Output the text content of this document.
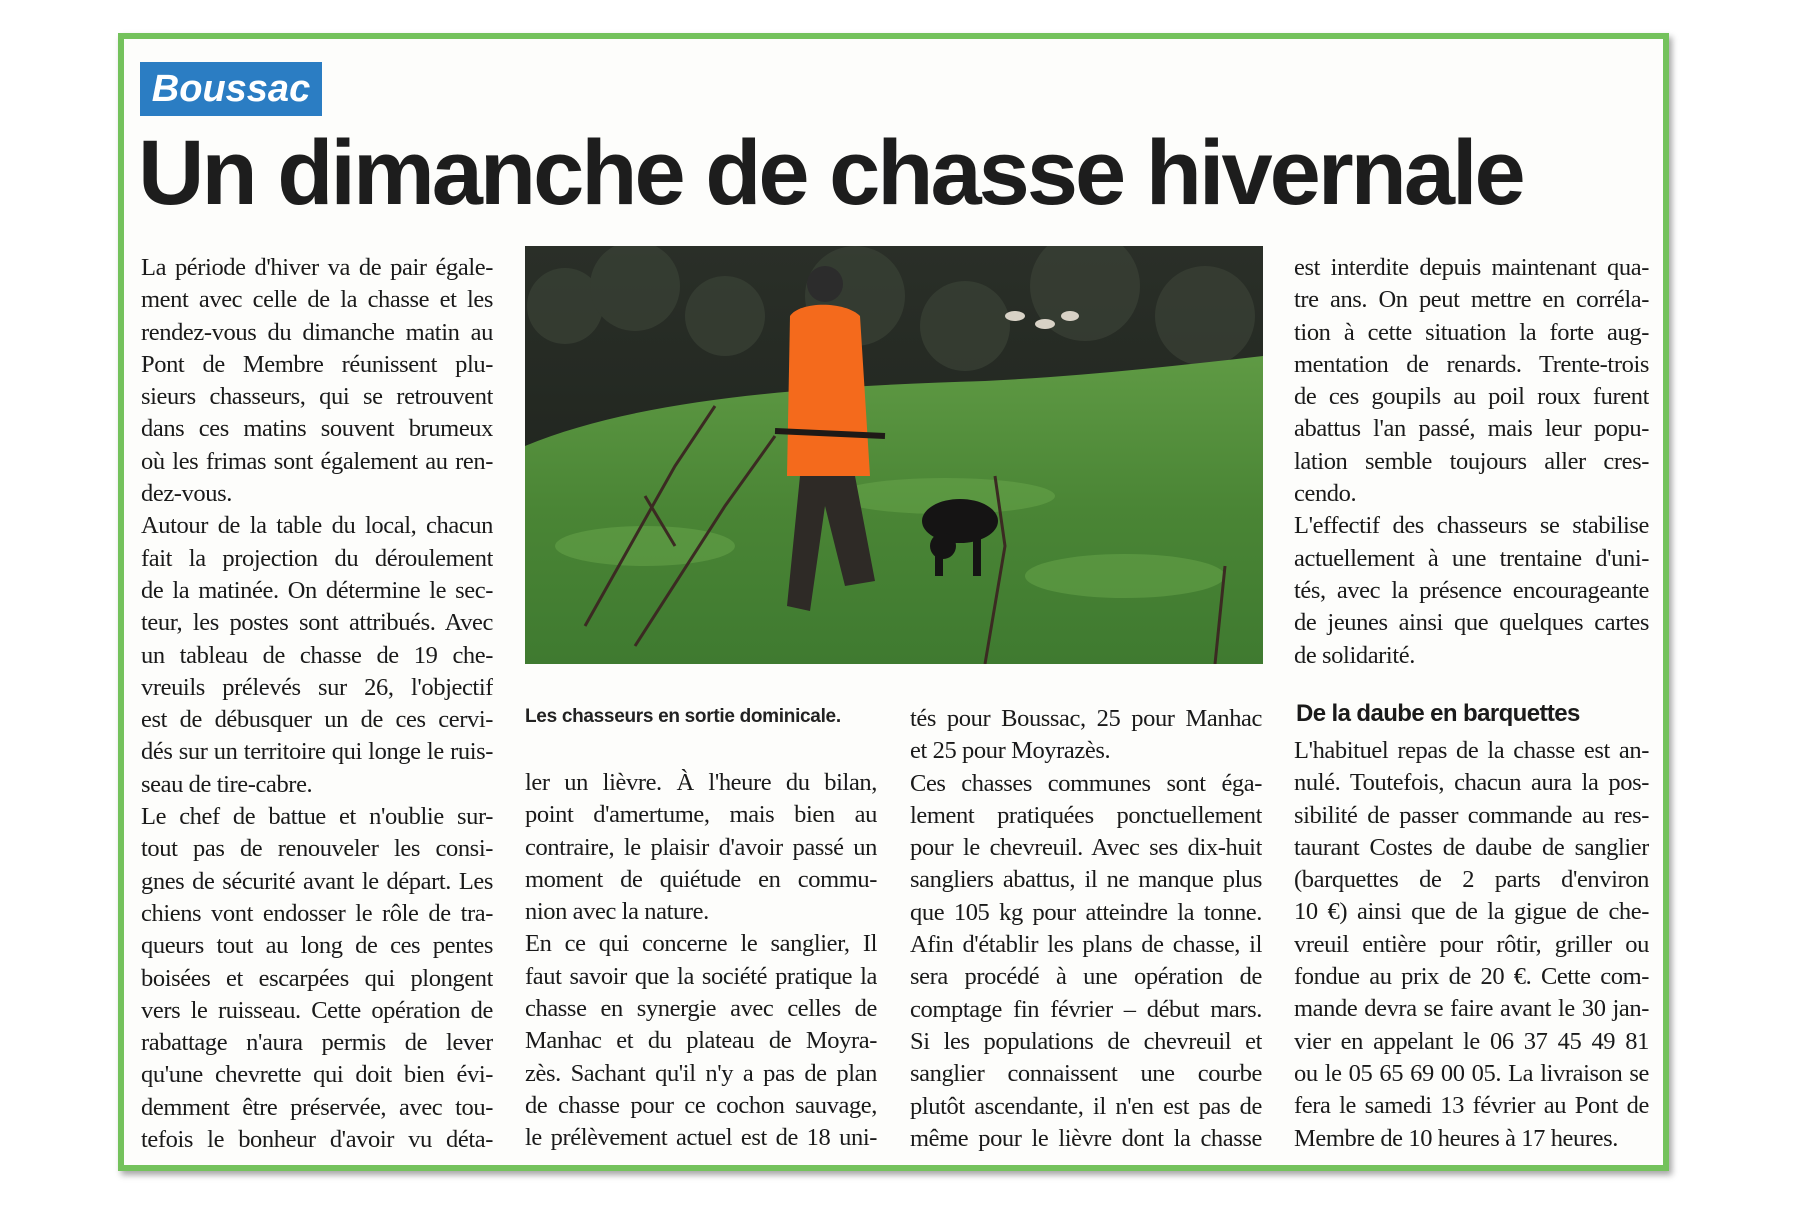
Boussac
Un dimanche de chasse hivernale
Les chasseurs en sortie dominicale.
La période d'hiver va de pair égale-
ment avec celle de la chasse et les
rendez-vous du dimanche matin au
Pont de Membre réunissent plu-
sieurs chasseurs, qui se retrouvent
dans ces matins souvent brumeux
où les frimas sont également au ren-
dez-vous.
Autour de la table du local, chacun
fait la projection du déroulement
de la matinée. On détermine le sec-
teur, les postes sont attribués. Avec
un tableau de chasse de 19 che-
vreuils prélevés sur 26, l'objectif
est de débusquer un de ces cervi-
dés sur un territoire qui longe le ruis-
seau de tire-cabre.
Le chef de battue et n'oublie sur-
tout pas de renouveler les consi-
gnes de sécurité avant le départ. Les
chiens vont endosser le rôle de tra-
queurs tout au long de ces pentes
boisées et escarpées qui plongent
vers le ruisseau. Cette opération de
rabattage n'aura permis de lever
qu'une chevrette qui doit bien évi-
demment être préservée, avec tou-
tefois le bonheur d'avoir vu déta-
ler un lièvre. À l'heure du bilan,
point d'amertume, mais bien au
contraire, le plaisir d'avoir passé un
moment de quiétude en commu-
nion avec la nature.
En ce qui concerne le sanglier, Il
faut savoir que la société pratique la
chasse en synergie avec celles de
Manhac et du plateau de Moyra-
zès. Sachant qu'il n'y a pas de plan
de chasse pour ce cochon sauvage,
le prélèvement actuel est de 18 uni-
tés pour Boussac, 25 pour Manhac
et 25 pour Moyrazès.
Ces chasses communes sont éga-
lement pratiquées ponctuellement
pour le chevreuil. Avec ses dix-huit
sangliers abattus, il ne manque plus
que 105 kg pour atteindre la tonne.
Afin d'établir les plans de chasse, il
sera procédé à une opération de
comptage fin février – début mars.
Si les populations de chevreuil et
sanglier connaissent une courbe
plutôt ascendante, il n'en est pas de
même pour le lièvre dont la chasse
est interdite depuis maintenant qua-
tre ans. On peut mettre en corréla-
tion à cette situation la forte aug-
mentation de renards. Trente-trois
de ces goupils au poil roux furent
abattus l'an passé, mais leur popu-
lation semble toujours aller cres-
cendo.
L'effectif des chasseurs se stabilise
actuellement à une trentaine d'uni-
tés, avec la présence encourageante
de jeunes ainsi que quelques cartes
de solidarité.
De la daube en barquettes
L'habituel repas de la chasse est an-
nulé. Toutefois, chacun aura la pos-
sibilité de passer commande au res-
taurant Costes de daube de sanglier
(barquettes de 2 parts d'environ
10 €) ainsi que de la gigue de che-
vreuil entière pour rôtir, griller ou
fondue au prix de 20 €. Cette com-
mande devra se faire avant le 30 jan-
vier en appelant le 06 37 45 49 81
ou le 05 65 69 00 05. La livraison se
fera le samedi 13 février au Pont de
Membre de 10 heures à 17 heures.
